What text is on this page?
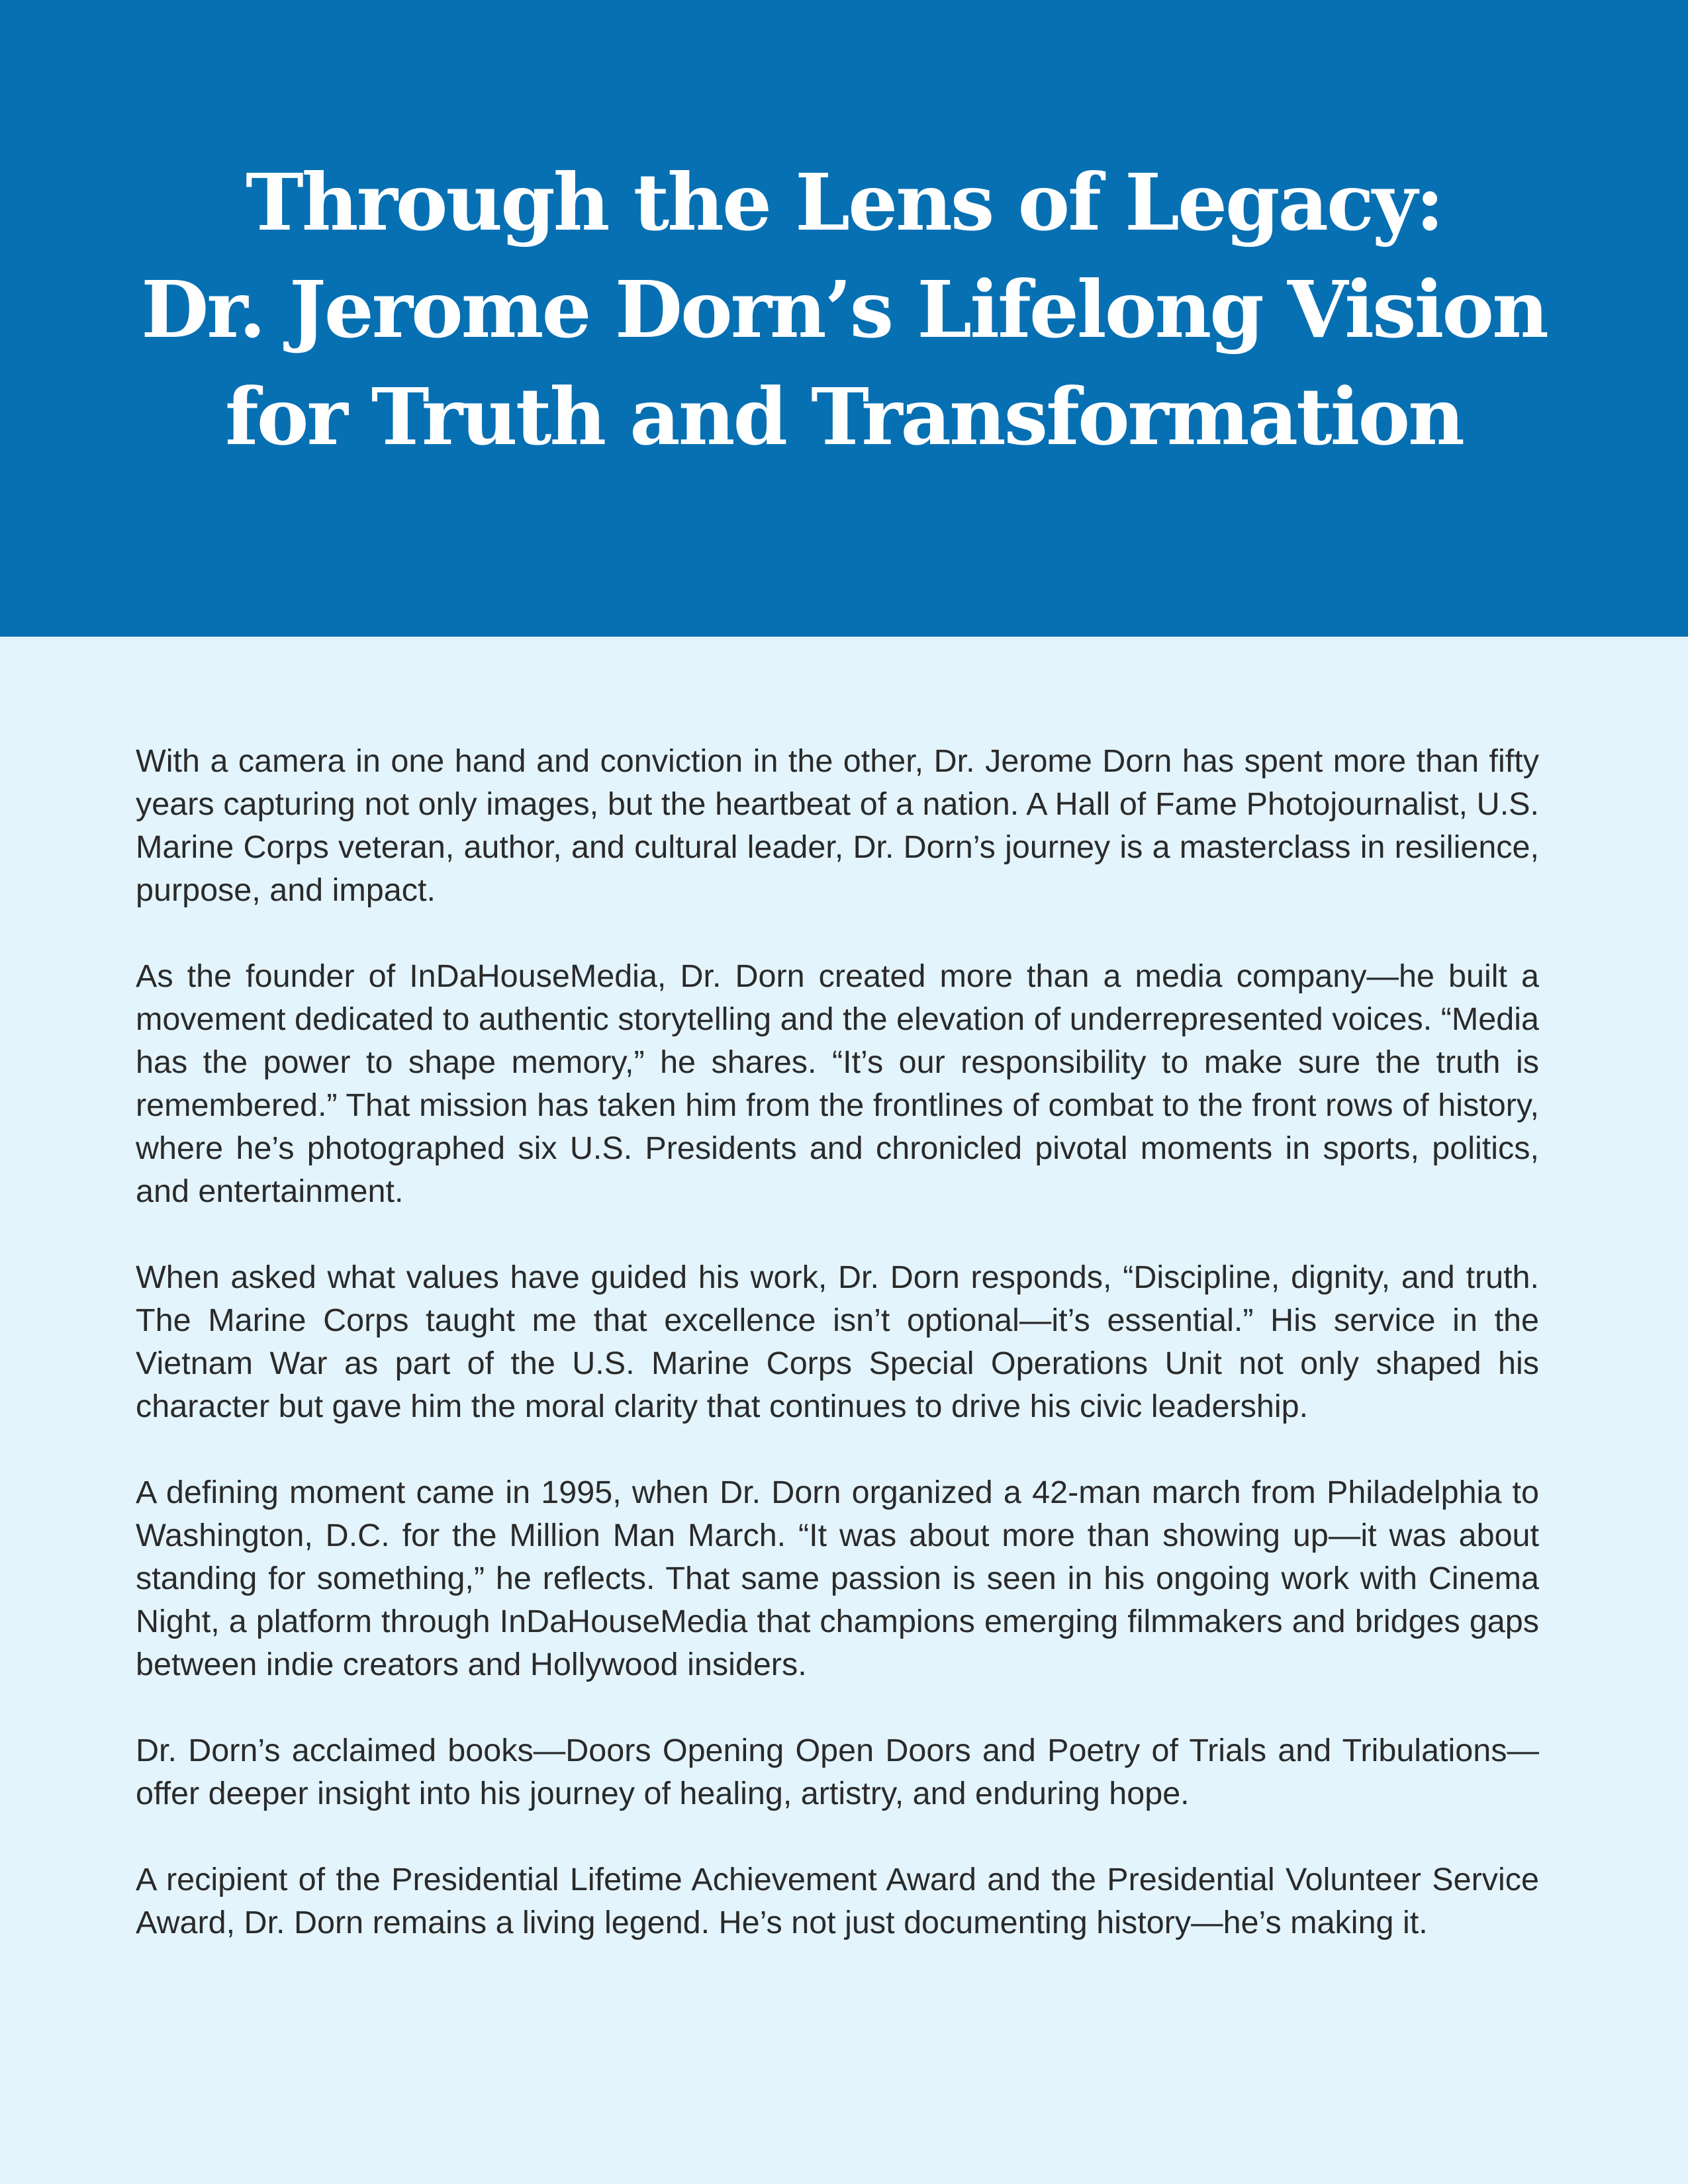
Through the Lens of Legacy:
Dr. Jerome Dorn’s Lifelong Vision
for Truth and Transformation

With a camera in one hand and conviction in the other, Dr. Jerome Dorn has spent more than fifty years capturing not only images, but the heartbeat of a nation. A Hall of Fame Photojournalist, U.S. Marine Corps veteran, author, and cultural leader, Dr. Dorn’s journey is a masterclass in resilience, purpose, and impact.

As the founder of InDaHouseMedia, Dr. Dorn created more than a media company—he built a movement dedicated to authentic storytelling and the elevation of underrepresented voices. “Media has the power to shape memory,” he shares. “It’s our responsibility to make sure the truth is remembered.” That mission has taken him from the frontlines of combat to the front rows of history, where he’s photographed six U.S. Presidents and chronicled pivotal moments in sports, politics, and entertainment.

When asked what values have guided his work, Dr. Dorn responds, “Discipline, dignity, and truth. The Marine Corps taught me that excellence isn’t optional—it’s essential.” His service in the Vietnam War as part of the U.S. Marine Corps Special Operations Unit not only shaped his character but gave him the moral clarity that continues to drive his civic leadership.

A defining moment came in 1995, when Dr. Dorn organized a 42-man march from Philadelphia to Washington, D.C. for the Million Man March. “It was about more than showing up—it was about standing for something,” he reflects. That same passion is seen in his ongoing work with Cinema Night, a platform through InDaHouseMedia that champions emerging filmmakers and bridges gaps between indie creators and Hollywood insiders.

Dr. Dorn’s acclaimed books—Doors Opening Open Doors and Poetry of Trials and Tribulations—offer deeper insight into his journey of healing, artistry, and enduring hope.

A recipient of the Presidential Lifetime Achievement Award and the Presidential Volunteer Service Award, Dr. Dorn remains a living legend. He’s not just documenting history—he’s making it.
